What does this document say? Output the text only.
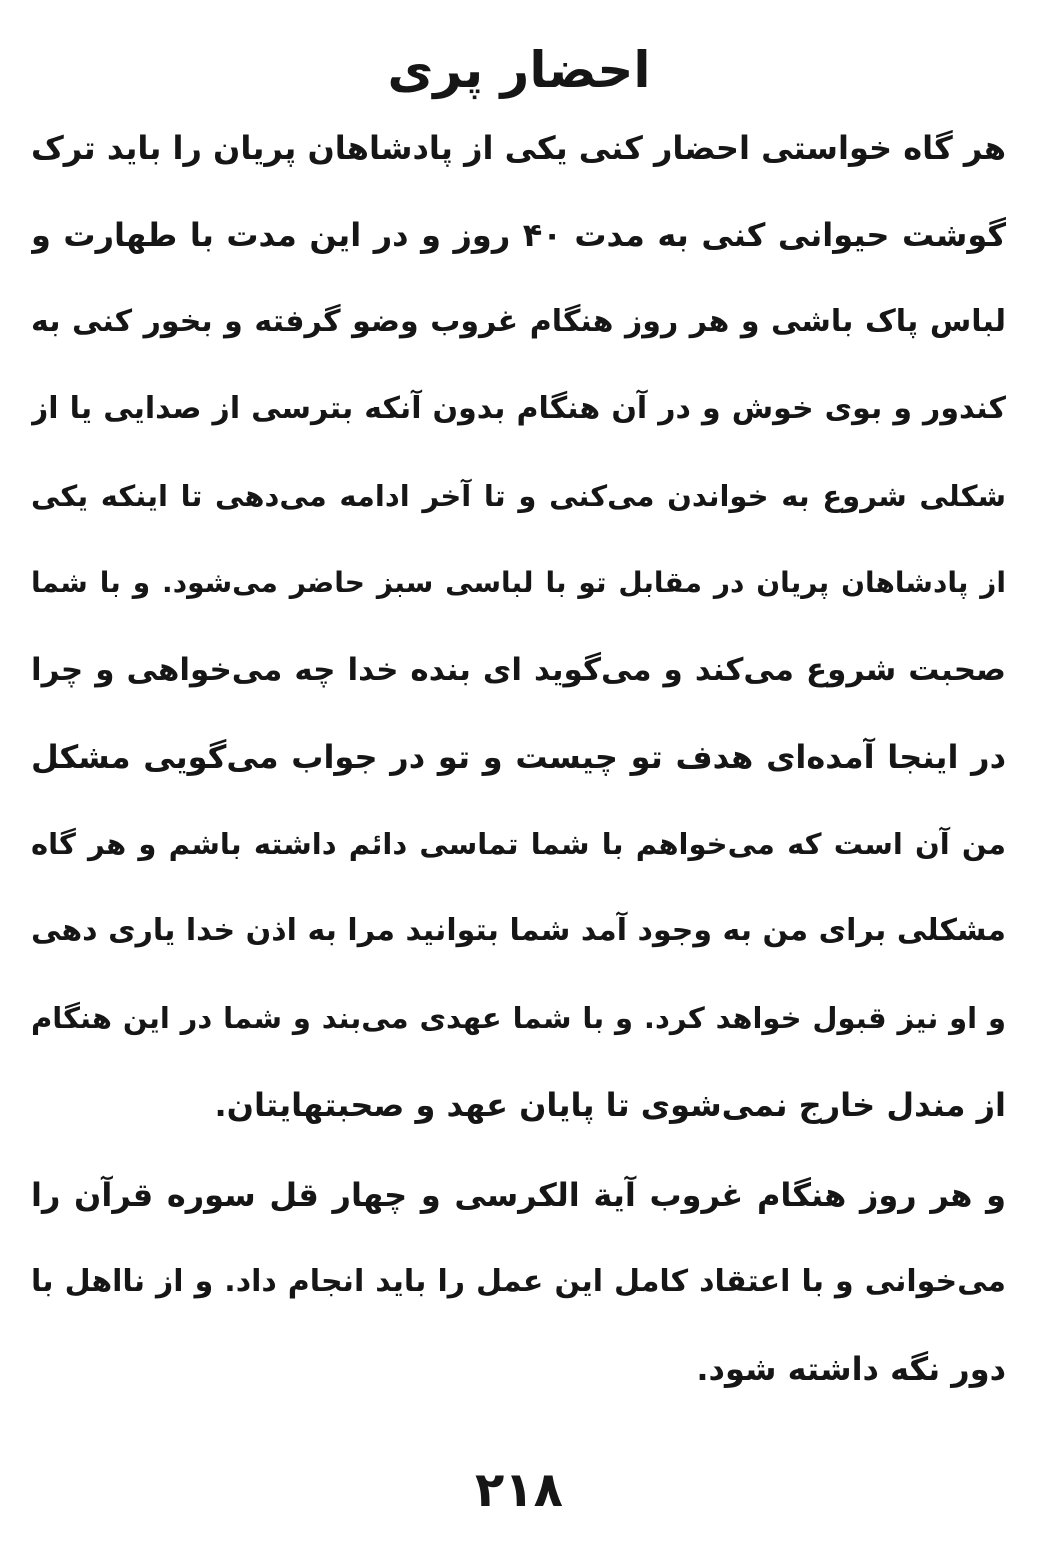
احضار پری
هر گاه خواستی احضار کنی یکی از پادشاهان پریان را باید ترک
گوشت حیوانی کنی به مدت ۴۰ روز و در این مدت با طهارت و
لباس پاک باشی و هر روز هنگام غروب وضو گرفته و بخور کنی به
کندور و بوی خوش و در آن هنگام بدون آنکه بترسی از صدایی یا از
شکلی شروع به خواندن می‌کنی و تا آخر ادامه می‌دهی تا اینکه یکی
از پادشاهان پریان در مقابل تو با لباسی سبز حاضر می‌شود. و با شما
صحبت شروع می‌کند و می‌گوید ای بنده خدا چه می‌خواهی و چرا
در اینجا آمده‌ای هدف تو چیست و تو در جواب می‌گویی مشکل
من آن است که می‌خواهم با شما تماسی دائم داشته باشم و هر گاه
مشکلی برای من به وجود آمد شما بتوانید مرا به اذن خدا یاری دهی
و او نیز قبول خواهد کرد. و با شما عهدی می‌بند و شما در این هنگام
از مندل خارج نمی‌شوی تا پایان عهد و صحبتهایتان.
و هر روز هنگام غروب آیة الکرسی و چهار قل سوره قرآن را
می‌خوانی و با اعتقاد کامل این عمل را باید انجام داد. و از نااهل با
دور نگه داشته شود.
۲۱۸
